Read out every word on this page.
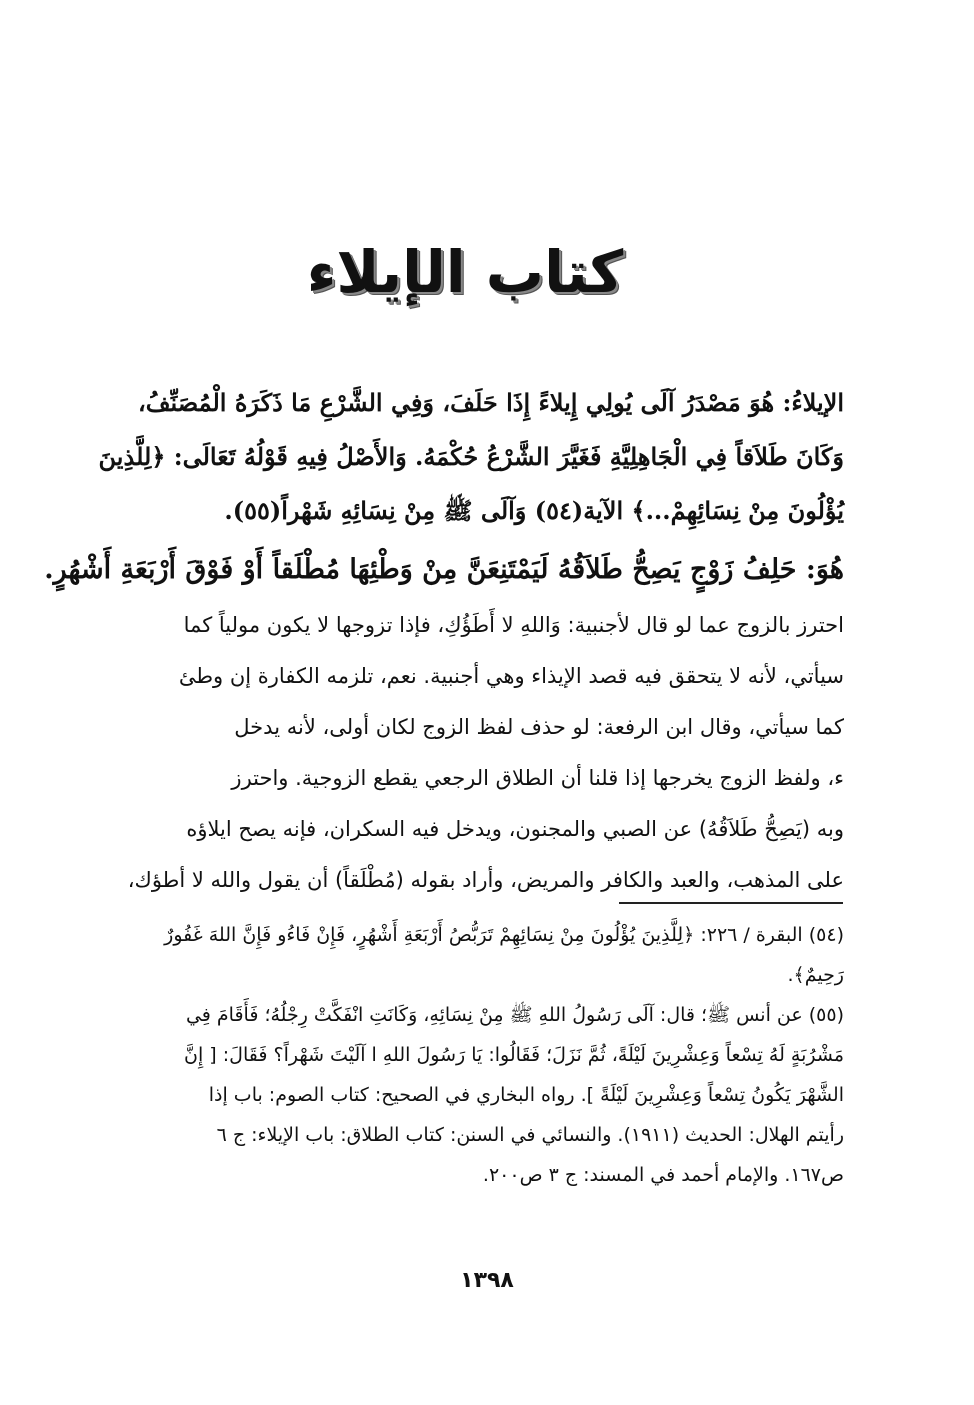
كتاب الإيلاء
الإيلاءُ: هُوَ مَصْدَرُ آلَى يُولِي إِيلاءً إِذَا حَلَفَ، وَفِي الشَّرْعِ مَا ذَكَرَهُ الْمُصَنِّفُ،
وَكَانَ طَلاَقاً فِي الْجَاهِلِيَّةِ فَغَيَّرَ الشَّرْعُ حُكْمَهُ. وَالأَصْلُ فِيهِ قَوْلُهُ تَعَالَى: ﴿لِلَّذِينَ
يُؤْلُونَ مِنْ نِسَائِهِمْ...﴾ الآية(٥٤) وَآلَى ﷺ مِنْ نِسَائِهِ شَهْراً(٥٥).
هُوَ: حَلِفُ زَوْجٍ يَصِحُّ طَلاَقُهُ لَيَمْتَنِعَنَّ مِنْ وَطْئِهَا مُطْلَقاً أَوْ فَوْقَ أَرْبَعَةِ أَشْهُرٍ.
احترز بالزوج عما لو قال لأجنبية: وَاللهِ لا أَطَؤُكِ، فإذا تزوجها لا يكون مولياً كما
سيأتي، لأنه لا يتحقق فيه قصد الإيذاء وهي أجنبية. نعم، تلزمه الكفارة إن وطئ
كما سيأتي، وقال ابن الرفعة: لو حذف لفظ الزوج لكان أولى، لأنه يدخل
ء، ولفظ الزوج يخرجها إذا قلنا أن الطلاق الرجعي يقطع الزوجية. واحترز
وبه (يَصِحُّ طَلاَقُهُ) عن الصبي والمجنون، ويدخل فيه السكران، فإنه يصح ايلاؤه
على المذهب، والعبد والكافر والمريض، وأراد بقوله (مُطْلَقاً) أن يقول والله لا أطؤك،
(٥٤) البقرة / ٢٢٦: ﴿لِلَّذِينَ يُؤْلُونَ مِنْ نِسَائِهِمْ تَرَبُّصُ أَرْبَعَةِ أَشْهُرٍ، فَإِنْ فَاءُو فَإِنَّ اللهَ غَفُورٌ
رَحِيمٌ﴾.
(٥٥) عن أنس ﷺ؛ قال: آلَى رَسُولُ اللهِ ﷺ مِنْ نِسَائِهِ، وَكَانَتِ انْفَكَّتْ رِجْلُهُ؛ فَأَقَامَ فِي
مَشْرُبَةٍ لَهُ تِسْعاً وَعِشْرِينَ لَيْلَةً، ثُمَّ نَزَلَ؛ فَقَالُوا: يَا رَسُولَ اللهِ ا آلَيْتَ شَهْراً؟ فَقَالَ: [ إِنَّ
الشَّهْرَ يَكُونُ تِسْعاً وَعِشْرِينَ لَيْلَةً ]. رواه البخاري في الصحيح: كتاب الصوم: باب إذا
رأيتم الهلال: الحديث (١٩١١). والنسائي في السنن: كتاب الطلاق: باب الإيلاء: ج ٦
ص١٦٧. والإمام أحمد في المسند: ج ٣ ص٢٠٠.
١٣٩٨
